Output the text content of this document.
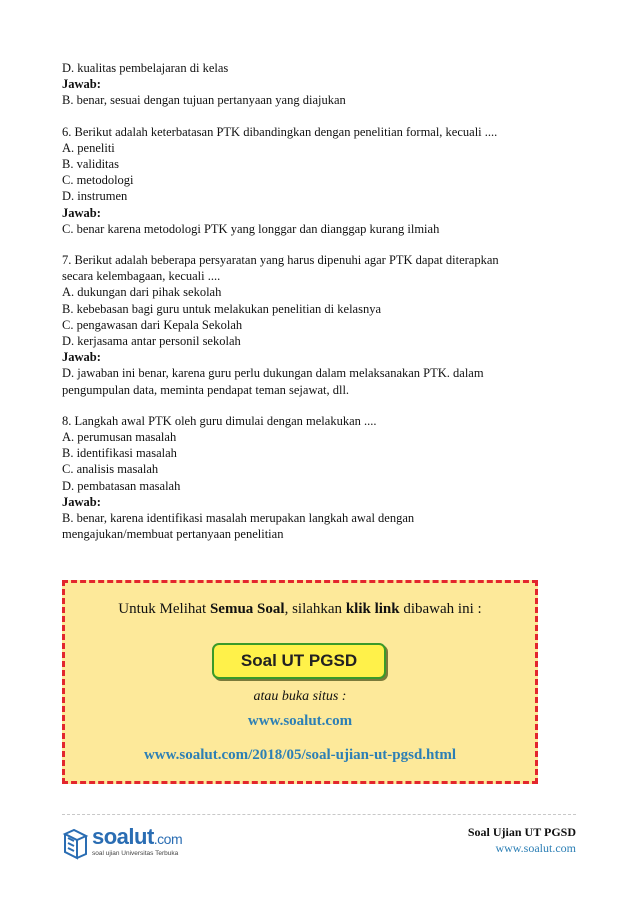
D. kualitas pembelajaran di kelas
Jawab:
B. benar, sesuai dengan tujuan pertanyaan yang diajukan
6. Berikut adalah keterbatasan PTK dibandingkan dengan penelitian formal, kecuali ....
A. peneliti
B. validitas
C. metodologi
D. instrumen
Jawab:
C. benar karena metodologi PTK yang longgar dan dianggap kurang ilmiah
7. Berikut adalah beberapa persyaratan yang harus dipenuhi agar PTK dapat diterapkan
secara kelembagaan, kecuali ....
A. dukungan dari pihak sekolah
B. kebebasan bagi guru untuk melakukan penelitian di kelasnya
C. pengawasan dari Kepala Sekolah
D. kerjasama antar personil sekolah
Jawab:
D. jawaban ini benar, karena guru perlu dukungan dalam melaksanakan PTK. dalam
pengumpulan data, meminta pendapat teman sejawat, dll.
8. Langkah awal PTK oleh guru dimulai dengan melakukan ....
A. perumusan masalah
B. identifikasi masalah
C. analisis masalah
D. pembatasan masalah
Jawab:
B. benar, karena identifikasi masalah merupakan langkah awal dengan
mengajukan/membuat pertanyaan penelitian
Untuk Melihat Semua Soal, silahkan klik link dibawah ini :
Soal UT PGSD
atau buka situs :
www.soalut.com
www.soalut.com/2018/05/soal-ujian-ut-pgsd.html
soalut.com
soal ujian Universitas Terbuka
Soal Ujian UT PGSD
www.soalut.com
